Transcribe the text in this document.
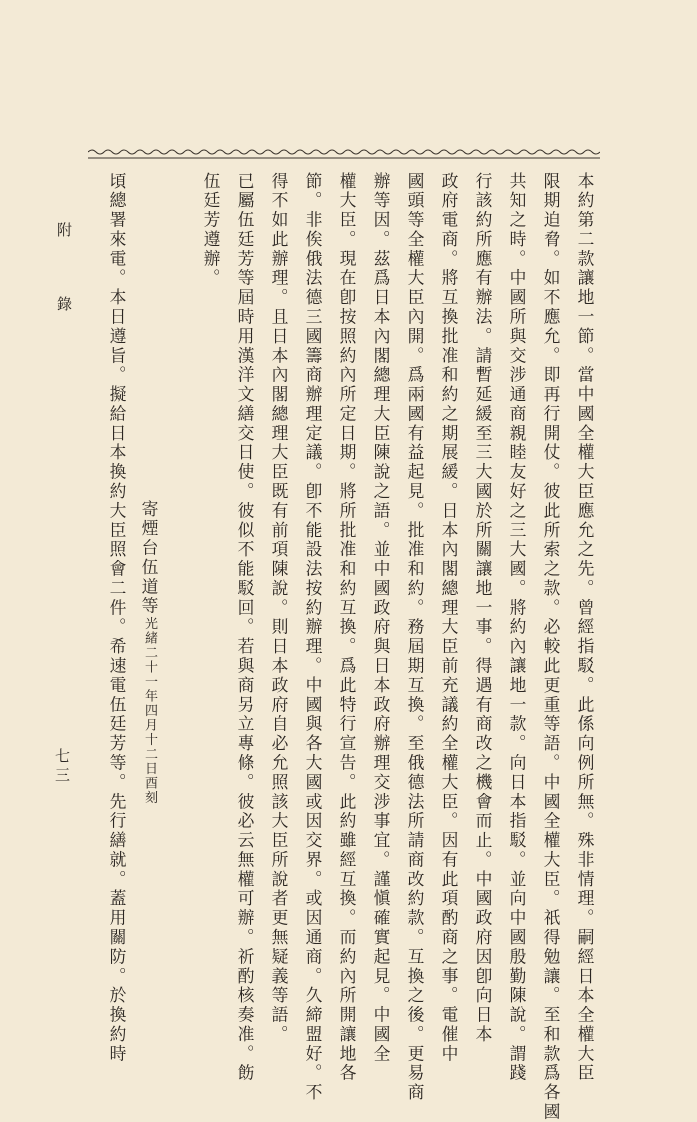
本約第二款讓地一節。當中國全權大臣應允之先。曾經指駁。此係向例所無。殊非情理。嗣經日本全權大臣
限期迫脅。如不應允。即再行開仗。彼此所索之款。必較此更重等語。中國全權大臣。祇得勉讓。至和款爲各國
共知之時。中國所與交涉通商親睦友好之三大國。將約內讓地一款。向日本指駁。並向中國殷勤陳說。謂踐
行該約所應有辦法。請暫延緩至三大國於所關讓地一事。得遇有商改之機會而止。中國政府因卽向日本
政府電商。將互換批准和約之期展緩。日本內閣總理大臣前充議約全權大臣。因有此項酌商之事。電催中
國頭等全權大臣內開。爲兩國有益起見。批准和約。務屆期互換。至俄德法所請商改約款。互換之後。更易商
辦等因。茲爲日本內閣總理大臣陳說之語。並中國政府與日本政府辦理交涉事宜。謹愼確實起見。中國全
權大臣。現在卽按照約內所定日期。將所批准和約互換。爲此特行宣告。此約雖經互換。而約內所開讓地各
節。非俟俄法德三國籌商辦理定議。卽不能設法按約辦理。中國與各大國或因交界。或因通商。久締盟好。不
得不如此辦理。且日本內閣總理大臣既有前項陳說。則日本政府自必允照該大臣所說者更無疑義等語。
已屬伍廷芳等屆時用漢洋文繕交日使。彼似不能駁回。若與商另立專條。彼必云無權可辦。祈酌核奏准。飭
伍廷芳遵辦。
寄煙台伍道等光緒二十一年四月十二日酉刻
頃總署來電。本日遵旨。擬給日本換約大臣照會二件。希速電伍廷芳等。先行繕就。蓋用關防。於換約時
附　錄
七三
